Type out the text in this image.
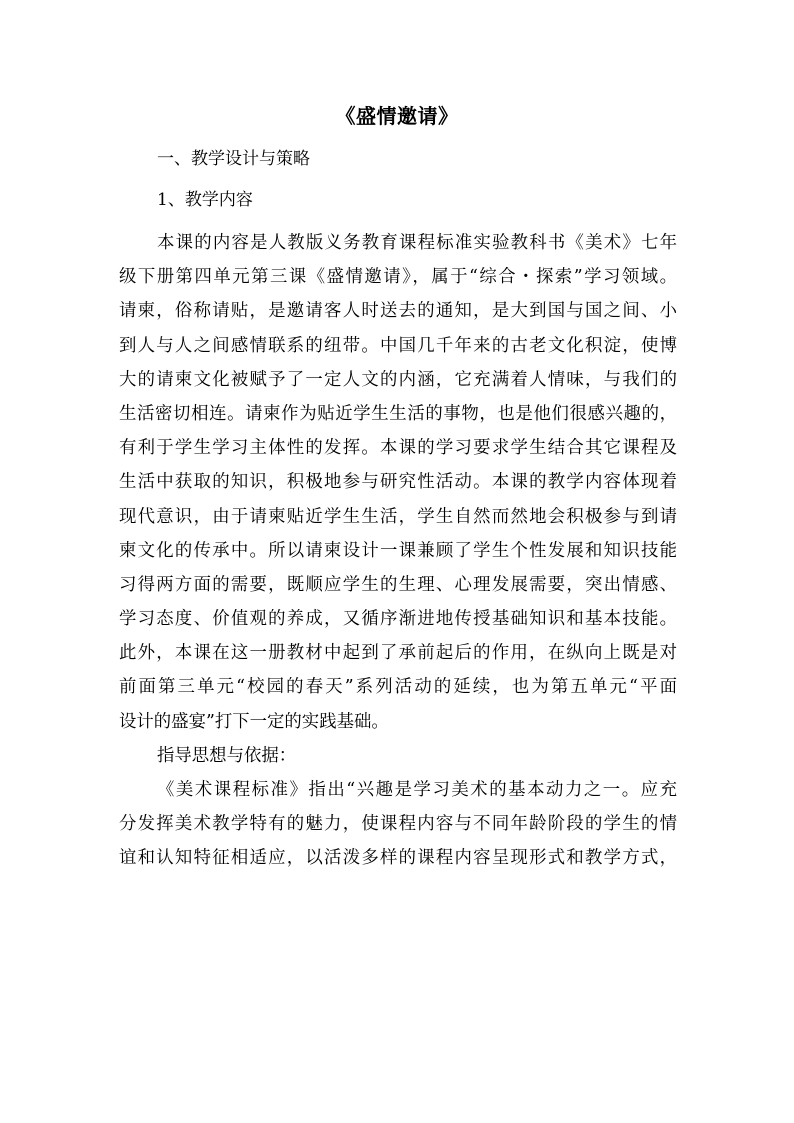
《盛情邀请》
一、教学设计与策略
1、教学内容
本课的内容是人教版义务教育课程标准实验教科书《美术》七年
级下册第四单元第三课《盛情邀请》，属于“综合・探索”学习领域。
请柬，俗称请贴，是邀请客人时送去的通知，是大到国与国之间、小
到人与人之间感情联系的纽带。中国几千年来的古老文化积淀，使博
大的请柬文化被赋予了一定人文的内涵，它充满着人情味，与我们的
生活密切相连。请柬作为贴近学生生活的事物，也是他们很感兴趣的，
有利于学生学习主体性的发挥。本课的学习要求学生结合其它课程及
生活中获取的知识，积极地参与研究性活动。本课的教学内容体现着
现代意识，由于请柬贴近学生生活，学生自然而然地会积极参与到请
柬文化的传承中。所以请柬设计一课兼顾了学生个性发展和知识技能
习得两方面的需要，既顺应学生的生理、心理发展需要，突出情感、
学习态度、价值观的养成，又循序渐进地传授基础知识和基本技能。
此外，本课在这一册教材中起到了承前起后的作用，在纵向上既是对
前面第三单元“校园的春天”系列活动的延续，也为第五单元“平面
设计的盛宴”打下一定的实践基础。
指导思想与依据：
《美术课程标准》指出“兴趣是学习美术的基本动力之一。应充
分发挥美术教学特有的魅力，使课程内容与不同年龄阶段的学生的情
谊和认知特征相适应，以活泼多样的课程内容呈现形式和教学方式，
